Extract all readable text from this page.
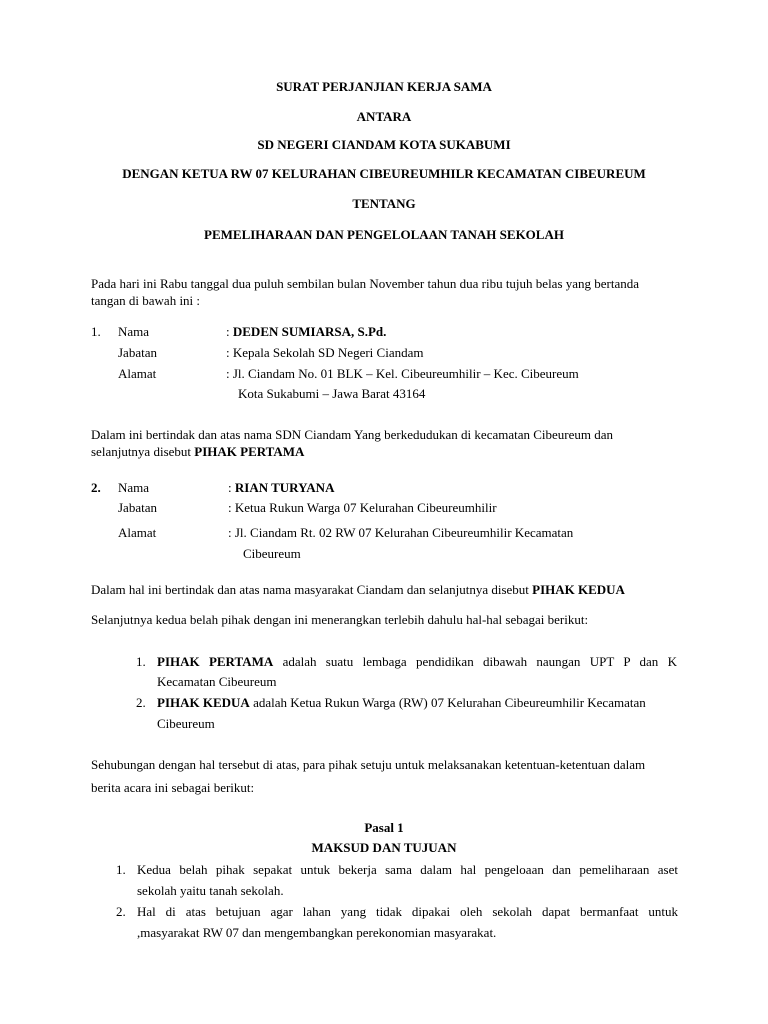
SURAT PERJANJIAN KERJA SAMA
ANTARA
SD NEGERI CIANDAM KOTA SUKABUMI
DENGAN KETUA RW 07 KELURAHAN CIBEUREUMHILR KECAMATAN CIBEUREUM
TENTANG
PEMELIHARAAN DAN PENGELOLAAN TANAH SEKOLAH
Pada hari ini Rabu tanggal dua puluh sembilan bulan November tahun dua ribu tujuh belas yang bertanda
tangan di bawah ini :
1. Nama	: DEDEN SUMIARSA, S.Pd.
Jabatan	: Kepala Sekolah SD Negeri Ciandam
Alamat	: Jl. Ciandam No. 01 BLK – Kel. Cibeureumhilir – Kec. Cibeureum
Kota Sukabumi – Jawa Barat 43164
Dalam ini bertindak dan atas nama SDN Ciandam Yang berkedudukan di kecamatan Cibeureum dan
selanjutnya disebut PIHAK PERTAMA
2. Nama	: RIAN TURYANA
Jabatan	: Ketua Rukun Warga 07 Kelurahan Cibeureumhilir
Alamat	: Jl. Ciandam Rt. 02 RW 07 Kelurahan Cibeureumhilir Kecamatan
Cibeureum
Dalam hal ini bertindak dan atas nama masyarakat Ciandam dan selanjutnya disebut PIHAK KEDUA
Selanjutnya kedua belah pihak dengan ini menerangkan terlebih dahulu hal-hal sebagai berikut:
1. PIHAK PERTAMA adalah suatu lembaga pendidikan dibawah naungan UPT P dan K
Kecamatan Cibeureum
2. PIHAK KEDUA adalah Ketua Rukun Warga (RW) 07 Kelurahan Cibeureumhilir Kecamatan
Cibeureum
Sehubungan dengan hal tersebut di atas, para pihak setuju untuk melaksanakan ketentuan-ketentuan dalam
berita acara ini sebagai berikut:
Pasal 1
MAKSUD DAN TUJUAN
1. Kedua belah pihak sepakat untuk bekerja sama dalam hal pengeloaan dan pemeliharaan aset
sekolah yaitu tanah sekolah.
2. Hal di atas betujuan agar lahan yang tidak dipakai oleh sekolah dapat bermanfaat untuk
,masyarakat RW 07 dan mengembangkan perekonomian masyarakat.
